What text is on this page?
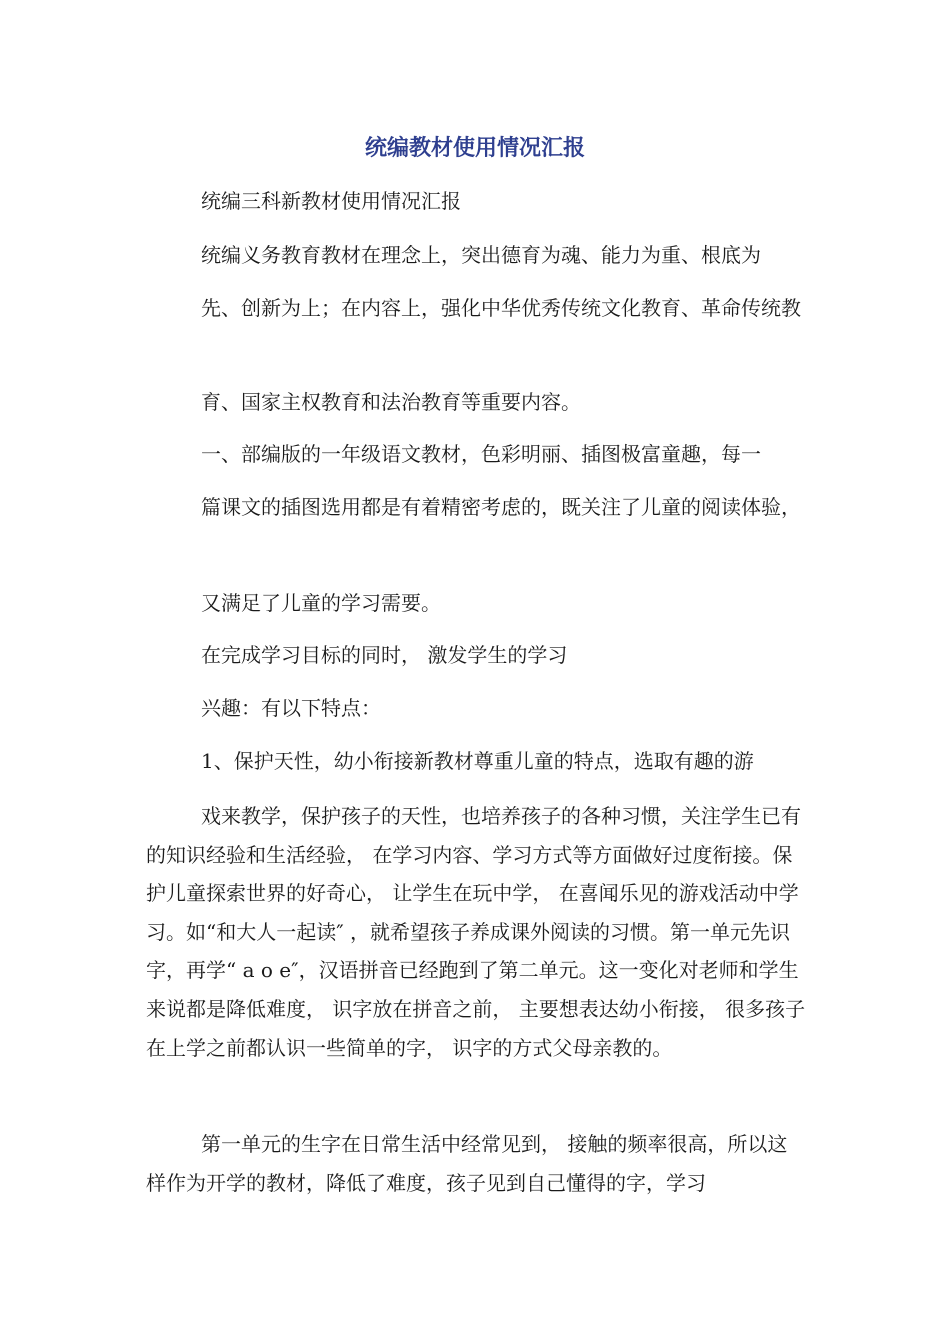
统编教材使用情况汇报

统编三科新教材使用情况汇报

统编义务教育教材在理念上，突出德育为魂、能力为重、根底为

先、创新为上；在内容上，强化中华优秀传统文化教育、革命传统教

育、国家主权教育和法治教育等重要内容。

一、部编版的一年级语文教材，色彩明丽、插图极富童趣，每一

篇课文的插图选用都是有着精密考虑的，既关注了儿童的阅读体验，

又满足了儿童的学习需要。

在完成学习目标的同时， 激发学生的学习

兴趣：有以下特点：

1、保护天性，幼小衔接新教材尊重儿童的特点，选取有趣的游

戏来教学，保护孩子的天性，也培养孩子的各种习惯，关注学生已有的知识经验和生活经验， 在学习内容、学习方式等方面做好过度衔接。保护儿童探索世界的好奇心， 让学生在玩中学， 在喜闻乐见的游戏活动中学习。如“和大人一起读″ ，就希望孩子养成课外阅读的习惯。第一单元先识字，再学“ a o e″，汉语拼音已经跑到了第二单元。这一变化对老师和学生来说都是降低难度， 识字放在拼音之前， 主要想表达幼小衔接， 很多孩子在上学之前都认识一些简单的字， 识字的方式父母亲教的。

第一单元的生字在日常生活中经常见到， 接触的频率很高，所以这样作为开学的教材，降低了难度，孩子见到自己懂得的字，学习
